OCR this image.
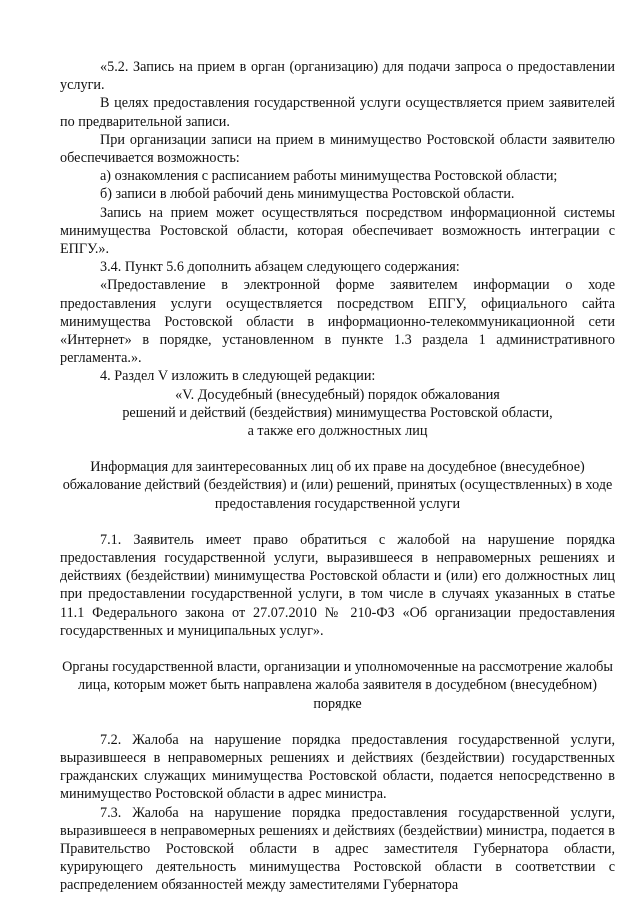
«5.2. Запись на прием в орган (организацию) для подачи запроса о предоставлении услуги.

В целях предоставления государственной услуги осуществляется прием заявителей по предварительной записи.

При организации записи на прием в минимущество Ростовской области заявителю обеспечивается возможность:

а) ознакомления с расписанием работы минимущества Ростовской области;

б) записи в любой рабочий день минимущества Ростовской области.

Запись на прием может осуществляться посредством информационной системы минимущества Ростовской области, которая обеспечивает возможность интеграции с ЕПГУ.».

3.4. Пункт 5.6 дополнить абзацем следующего содержания:

«Предоставление в электронной форме заявителем информации о ходе предоставления услуги осуществляется посредством ЕПГУ, официального сайта минимущества Ростовской области в информационно-телекоммуникационной сети «Интернет» в порядке, установленном в пункте 1.3 раздела 1 административного регламента.».

4. Раздел V изложить в следующей редакции:

«V. Досудебный (внесудебный) порядок обжалования

решений и действий (бездействия) минимущества Ростовской области,

а также его должностных лиц

Информация для заинтересованных лиц об их праве на досудебное (внесудебное) обжалование действий (бездействия) и (или) решений, принятых (осуществленных) в ходе предоставления государственной услуги

7.1. Заявитель имеет право обратиться с жалобой на нарушение порядка предоставления государственной услуги, выразившееся в неправомерных решениях и действиях (бездействии) минимущества Ростовской области и (или) его должностных лиц при предоставлении государственной услуги, в том числе в случаях указанных в статье 11.1 Федерального закона от 27.07.2010 № 210-ФЗ «Об организации предоставления государственных и муниципальных услуг».

Органы государственной власти, организации и уполномоченные на рассмотрение жалобы лица, которым может быть направлена жалоба заявителя в досудебном (внесудебном) порядке

7.2. Жалоба на нарушение порядка предоставления государственной услуги, выразившееся в неправомерных решениях и действиях (бездействии) государственных гражданских служащих минимущества Ростовской области, подается непосредственно в минимущество Ростовской области в адрес министра.

7.3. Жалоба на нарушение порядка предоставления государственной услуги, выразившееся в неправомерных решениях и действиях (бездействии) министра, подается в Правительство Ростовской области в адрес заместителя Губернатора области, курирующего деятельность минимущества Ростовской области в соответствии с распределением обязанностей между заместителями Губернатора
